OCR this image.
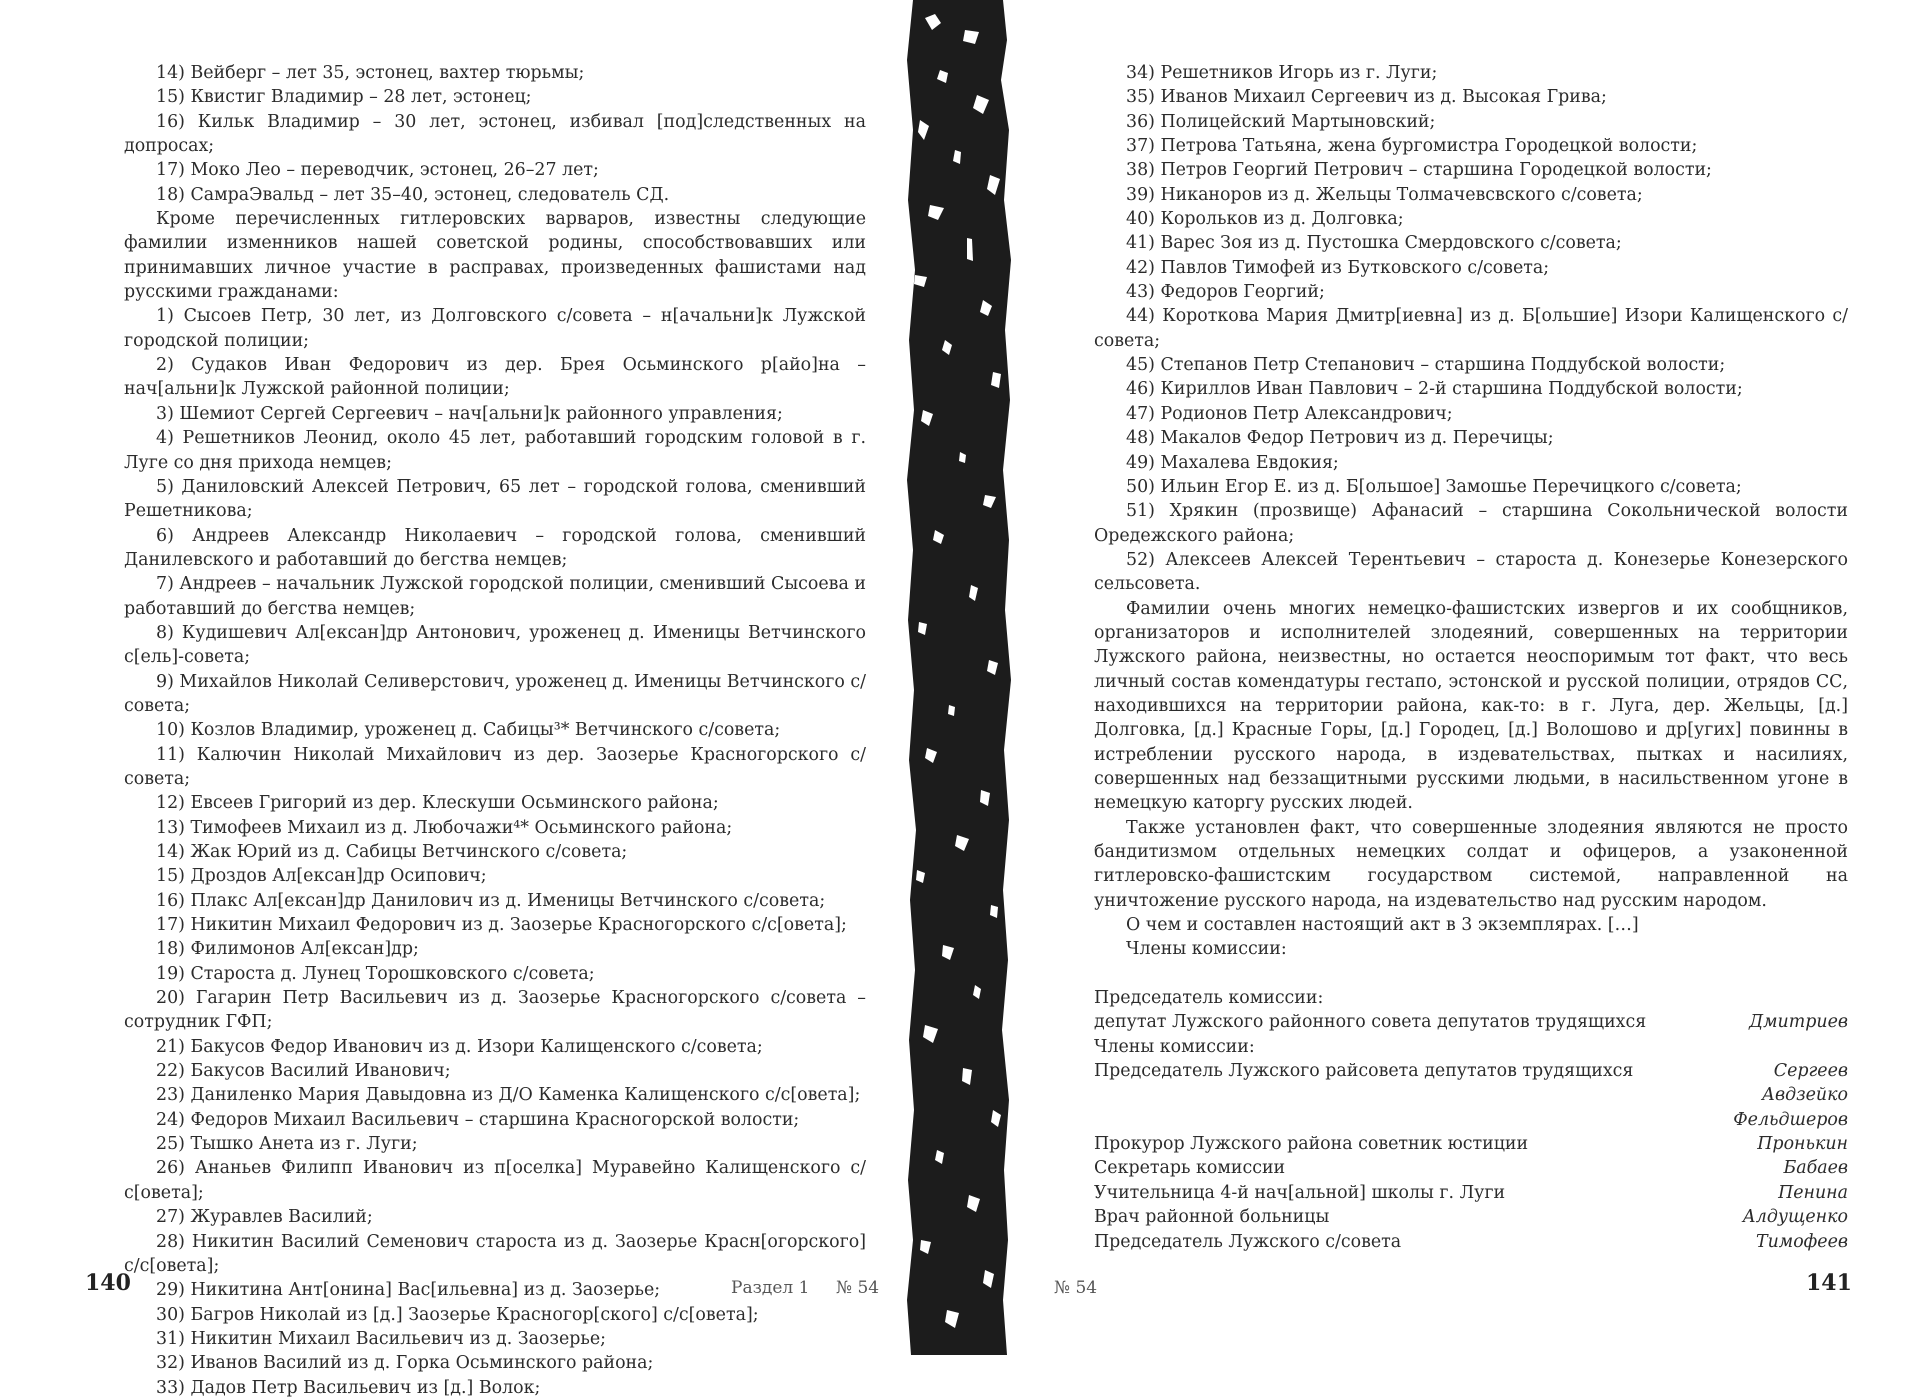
14) Вейберг – лет 35, эстонец, вахтер тюрьмы;

15) Квистиг Владимир – 28 лет, эстонец;

16) Кильк Владимир – 30 лет, эстонец, избивал [под]следственных на допросах;

17) Моко Лео – переводчик, эстонец, 26–27 лет;

18) СамраЭвальд – лет 35–40, эстонец, следователь СД.

Кроме перечисленных гитлеровских варваров, известны следующие фамилии изменников нашей советской родины, способствовавших или принимавших личное участие в расправах, произведенных фашистами над русскими гражданами:

1) Сысоев Петр, 30 лет, из Долговского с/совета – н[ачальни]к Лужской городской полиции;

2) Судаков Иван Федорович из дер. Брея Осьминского р[айо]на – нач[альни]к Лужской районной полиции;

3) Шемиот Сергей Сергеевич – нач[альни]к районного управления;

4) Решетников Леонид, около 45 лет, работавший городским головой в г. Луге со дня прихода немцев;

5) Даниловский Алексей Петрович, 65 лет – городской голова, сменивший Решетникова;

6) Андреев Александр Николаевич – городской голова, сменивший Данилевского и работавший до бегства немцев;

7) Андреев – начальник Лужской городской полиции, сменивший Сысоева и работавший до бегства немцев;

8) Кудишевич Ал[ексан]др Антонович, уроженец д. Именицы Ветчинского с[ель]-совета;

9) Михайлов Николай Селиверстович, уроженец д. Именицы Ветчинского с/совета;

10) Козлов Владимир, уроженец д. Сабицы³* Ветчинского с/совета;

11) Калючин Николай Михайлович из дер. Заозерье Красногорского с/совета;

12) Евсеев Григорий из дер. Клескуши Осьминского района;

13) Тимофеев Михаил из д. Любочажи⁴* Осьминского района;

14) Жак Юрий из д. Сабицы Ветчинского с/совета;

15) Дроздов Ал[ексан]др Осипович;

16) Плакс Ал[ексан]др Данилович из д. Именицы Ветчинского с/совета;

17) Никитин Михаил Федорович из д. Заозерье Красногорского с/с[овета];

18) Филимонов Ал[ексан]др;

19) Староста д. Лунец Торошковского с/совета;

20) Гагарин Петр Васильевич из д. Заозерье Красногорского с/совета – сотрудник ГФП;

21) Бакусов Федор Иванович из д. Изори Калищенского с/совета;

22) Бакусов Василий Иванович;

23) Даниленко Мария Давыдовна из Д/О Каменка Калищенского с/с[овета];

24) Федоров Михаил Васильевич – старшина Красногорской волости;

25) Тышко Анета из г. Луги;

26) Ананьев Филипп Иванович из п[оселка] Муравейно Калищенского с/с[овета];

27) Журавлев Василий;

28) Никитин Василий Семенович староста из д. Заозерье Красн[огорского] с/с[овета];

29) Никитина Ант[онина] Вас[ильевна] из д. Заозерье;

30) Багров Николай из [д.] Заозерье Красногор[ского] с/с[овета];

31) Никитин Михаил Васильевич из д. Заозерье;

32) Иванов Василий из д. Горка Осьминского района;

33) Дадов Петр Васильевич из [д.] Волок;

140	Раздел 1 № 54

34) Решетников Игорь из г. Луги;

35) Иванов Михаил Сергеевич из д. Высокая Грива;

36) Полицейский Мартыновский;

37) Петрова Татьяна, жена бургомистра Городецкой волости;

38) Петров Георгий Петрович – старшина Городецкой волости;

39) Никаноров из д. Жельцы Толмачевсвского с/совета;

40) Корольков из д. Долговка;

41) Варес Зоя из д. Пустошка Смердовского с/совета;

42) Павлов Тимофей из Бутковского с/совета;

43) Федоров Георгий;

44) Короткова Мария Дмитр[иевна] из д. Б[ольшие] Изори Калищенского с/совета;

45) Степанов Петр Степанович – старшина Поддубской волости;

46) Кириллов Иван Павлович – 2-й старшина Поддубской волости;

47) Родионов Петр Александрович;

48) Макалов Федор Петрович из д. Перечицы;

49) Махалева Евдокия;

50) Ильин Егор Е. из д. Б[ольшое] Замошье Перечицкого с/совета;

51) Хрякин (прозвище) Афанасий – старшина Сокольнической волости Оредежского района;

52) Алексеев Алексей Терентьевич – староста д. Конезерье Конезерского сельсовета.

Фамилии очень многих немецко-фашистских извергов и их сообщников, организаторов и исполнителей злодеяний, совершенных на территории Лужского района, неизвестны, но остается неоспоримым тот факт, что весь личный состав комендатуры гестапо, эстонской и русской полиции, отрядов СС, находившихся на территории района, как-то: в г. Луга, дер. Жельцы, [д.] Долговка, [д.] Красные Горы, [д.] Городец, [д.] Волошово и др[угих] повинны в истреблении русского народа, в издевательствах, пытках и насилиях, совершенных над беззащитными русскими людьми, в насильственном угоне в немецкую каторгу русских людей.

Также установлен факт, что совершенные злодеяния являются не просто бандитизмом отдельных немецких солдат и офицеров, а узаконенной гитлеровско-фашистским государством системой, направленной на уничтожение русского народа, на издевательство над русским народом.

О чем и составлен настоящий акт в 3 экземплярах. […]

Члены комиссии:

Председатель комиссии:
депутат Лужского районного совета депутатов трудящихся	Дмитриев
Члены комиссии:
Председатель Лужского райсовета депутатов трудящихся	Сергеев
Авдзейко
Фельдшеров
Прокурор Лужского района советник юстиции	Пронькин
Секретарь комиссии	Бабаев
Учительница 4-й нач[альной] школы г. Луги	Пенина
Врач районной больницы	Алдущенко
Председатель Лужского с/совета	Тимофеев
№ 54	141
